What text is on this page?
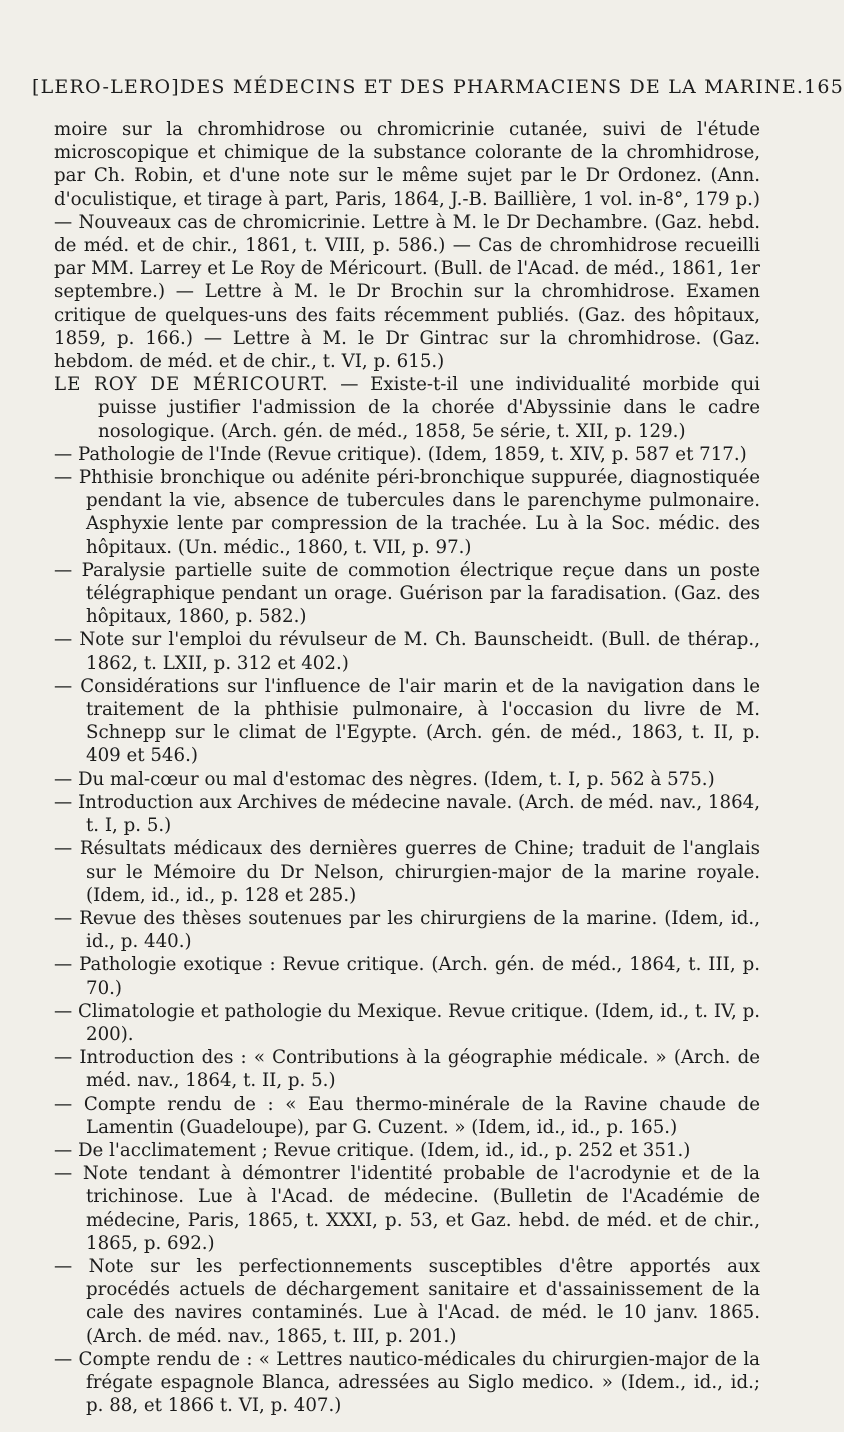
[LERO-LERO] DES MÉDECINS ET DES PHARMACIENS DE LA MARINE. 165

moire sur la chromhidrose ou chromicrinie cutanée, suivi de l'étude microscopique et chimique de la substance colorante de la chromhidrose, par Ch. Robin, et d'une note sur le même sujet par le Dr Ordonez. (Ann. d'oculistique, et tirage à part, Paris, 1864, J.-B. Baillière, 1 vol. in-8°, 179 p.) — Nouveaux cas de chromicrinie. Lettre à M. le Dr Dechambre. (Gaz. hebd. de méd. et de chir., 1861, t. VIII, p. 586.) — Cas de chromhidrose recueilli par MM. Larrey et Le Roy de Méricourt. (Bull. de l'Acad. de méd., 1861, 1er septembre.) — Lettre à M. le Dr Brochin sur la chromhidrose. Examen critique de quelques-uns des faits récemment publiés. (Gaz. des hôpitaux, 1859, p. 166.) — Lettre à M. le Dr Gintrac sur la chromhidrose. (Gaz. hebdom. de méd. et de chir., t. VI, p. 615.)

LE ROY DE MÉRICOURT. — Existe-t-il une individualité morbide qui puisse justifier l'admission de la chorée d'Abyssinie dans le cadre nosologique. (Arch. gén. de méd., 1858, 5e série, t. XII, p. 129.)

— Pathologie de l'Inde (Revue critique). (Idem, 1859, t. XIV, p. 587 et 717.)

— Phthisie bronchique ou adénite péri-bronchique suppurée, diagnostiquée pendant la vie, absence de tubercules dans le parenchyme pulmonaire. Asphyxie lente par compression de la trachée. Lu à la Soc. médic. des hôpitaux. (Un. médic., 1860, t. VII, p. 97.)

— Paralysie partielle suite de commotion électrique reçue dans un poste télégraphique pendant un orage. Guérison par la faradisation. (Gaz. des hôpitaux, 1860, p. 582.)

— Note sur l'emploi du révulseur de M. Ch. Baunscheidt. (Bull. de thérap., 1862, t. LXII, p. 312 et 402.)

— Considérations sur l'influence de l'air marin et de la navigation dans le traitement de la phthisie pulmonaire, à l'occasion du livre de M. Schnepp sur le climat de l'Egypte. (Arch. gén. de méd., 1863, t. II, p. 409 et 546.)

— Du mal-cœur ou mal d'estomac des nègres. (Idem, t. I, p. 562 à 575.)

— Introduction aux Archives de médecine navale. (Arch. de méd. nav., 1864, t. I, p. 5.)

— Résultats médicaux des dernières guerres de Chine; traduit de l'anglais sur le Mémoire du Dr Nelson, chirurgien-major de la marine royale. (Idem, id., id., p. 128 et 285.)

— Revue des thèses soutenues par les chirurgiens de la marine. (Idem, id., id., p. 440.)

— Pathologie exotique : Revue critique. (Arch. gén. de méd., 1864, t. III, p. 70.)

— Climatologie et pathologie du Mexique. Revue critique. (Idem, id., t. IV, p. 200).

— Introduction des : « Contributions à la géographie médicale. » (Arch. de méd. nav., 1864, t. II, p. 5.)

— Compte rendu de : « Eau thermo-minérale de la Ravine chaude de Lamentin (Guadeloupe), par G. Cuzent. » (Idem, id., id., p. 165.)

— De l'acclimatement ; Revue critique. (Idem, id., id., p. 252 et 351.)

— Note tendant à démontrer l'identité probable de l'acrodynie et de la trichinose. Lue à l'Acad. de médecine. (Bulletin de l'Académie de médecine, Paris, 1865, t. XXXI, p. 53, et Gaz. hebd. de méd. et de chir., 1865, p. 692.)

— Note sur les perfectionnements susceptibles d'être apportés aux procédés actuels de déchargement sanitaire et d'assainissement de la cale des navires contaminés. Lue à l'Acad. de méd. le 10 janv. 1865. (Arch. de méd. nav., 1865, t. III, p. 201.)

— Compte rendu de : « Lettres nautico-médicales du chirurgien-major de la frégate espagnole Blanca, adressées au Siglo medico. » (Idem., id., id.; p. 88, et 1866 t. VI, p. 407.)
